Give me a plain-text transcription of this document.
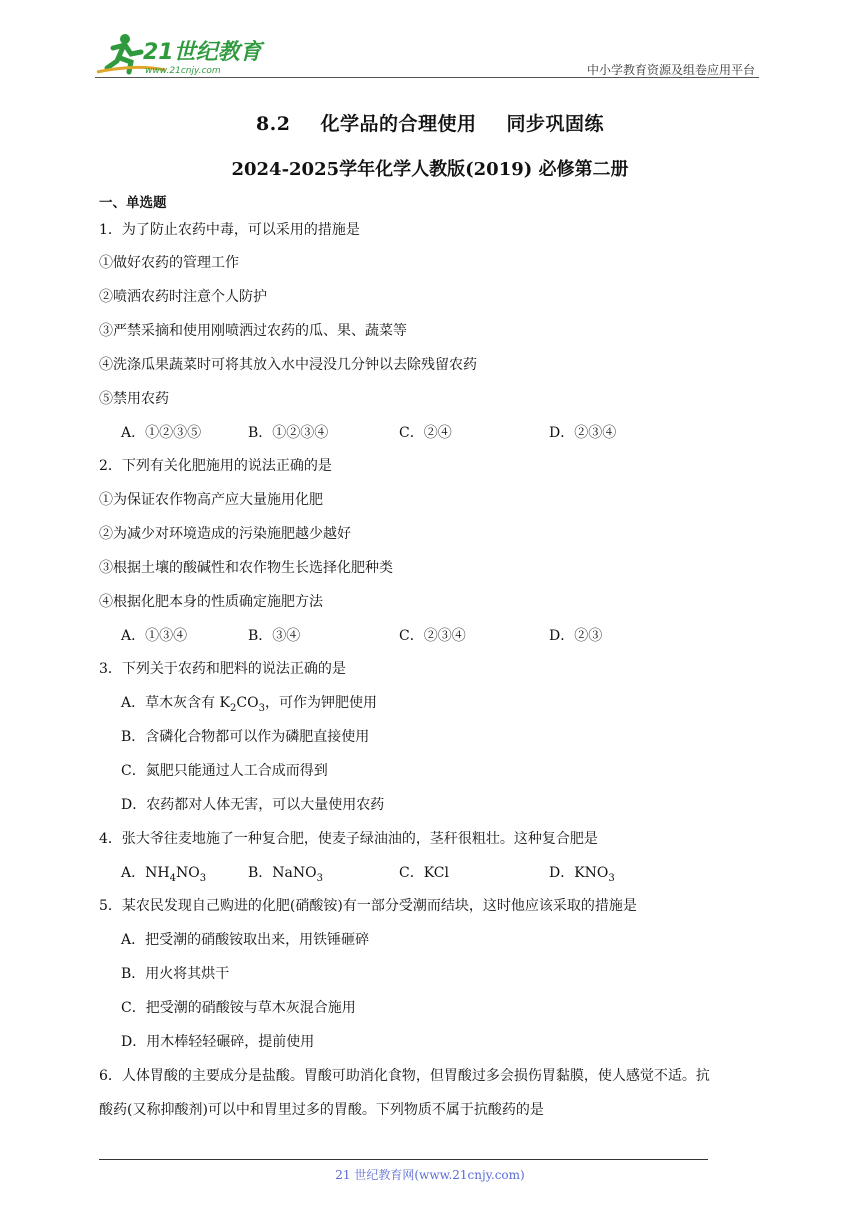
21世纪教育
www.21cnjy.com	中小学教育资源及组卷应用平台
8.2 化学品的合理使用 同步巩固练
2024-2025学年化学人教版(2019) 必修第二册
一、单选题
1．为了防止农药中毒，可以采用的措施是
①做好农药的管理工作
②喷洒农药时注意个人防护
③严禁采摘和使用刚喷洒过农药的瓜、果、蔬菜等
④洗涤瓜果蔬菜时可将其放入水中浸没几分钟以去除残留农药
⑤禁用农药
A．①②③⑤	B．①②③④	C．②④	D．②③④
2．下列有关化肥施用的说法正确的是
①为保证农作物高产应大量施用化肥
②为减少对环境造成的污染施肥越少越好
③根据土壤的酸碱性和农作物生长选择化肥种类
④根据化肥本身的性质确定施肥方法
A．①③④	B．③④	C．②③④	D．②③
3．下列关于农药和肥料的说法正确的是
A．草木灰含有 $K_2CO_3$，可作为钾肥使用
B．含磷化合物都可以作为磷肥直接使用
C．氮肥只能通过人工合成而得到
D．农药都对人体无害，可以大量使用农药
4．张大爷往麦地施了一种复合肥，使麦子绿油油的，茎秆很粗壮。这种复合肥是
A．$NH_4NO_3$	B．NaNO$_3$	C．KCl	D．$KNO_3$
5．某农民发现自己购进的化肥(硝酸铵)有一部分受潮而结块，这时他应该采取的措施是
A．把受潮的硝酸铵取出来，用铁锤砸碎
B．用火将其烘干
C．把受潮的硝酸铵与草木灰混合施用
D．用木棒轻轻碾碎，提前使用
6．人体胃酸的主要成分是盐酸。胃酸可助消化食物，但胃酸过多会损伤胃黏膜，使人感觉不适。抗
酸药(又称抑酸剂)可以中和胃里过多的胃酸。下列物质不属于抗酸药的是
21 世纪教育网(www.21cnjy.com)
